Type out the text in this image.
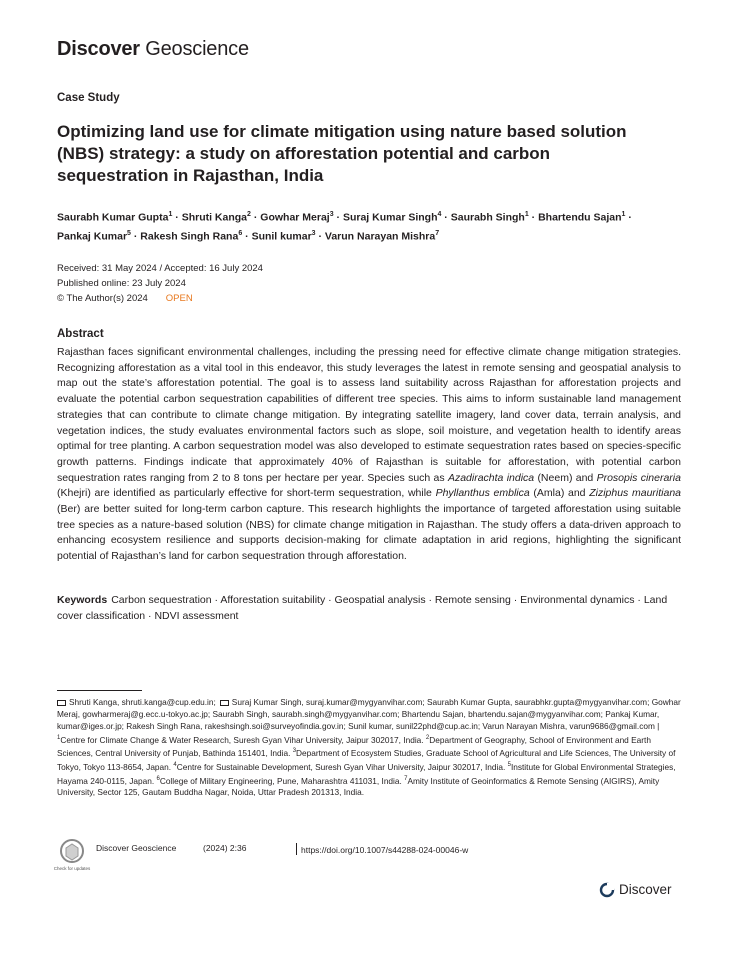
Discover Geoscience
Case Study
Optimizing land use for climate mitigation using nature based solution (NBS) strategy: a study on afforestation potential and carbon sequestration in Rajasthan, India
Saurabh Kumar Gupta$^1$ · Shruti Kanga$^2$ · Gowhar Meraj$^3$ · Suraj Kumar Singh$^4$ · Saurabh Singh$^1$ · Bhartendu Sajan$^1$ ·
Pankaj Kumar$^5$ · Rakesh Singh Rana$^6$ · Sunil kumar$^3$ · Varun Narayan Mishra$^7$
Received: 31 May 2024 / Accepted: 16 July 2024
Published online: 23 July 2024
© The Author(s) 2024 OPEN
Abstract
Rajasthan faces significant environmental challenges, including the pressing need for effective climate change mitigation strategies. Recognizing afforestation as a vital tool in this endeavor, this study leverages the latest in remote sensing and geospatial analysis to map out the state’s afforestation potential. The goal is to assess land suitability across Rajasthan for afforestation projects and evaluate the potential carbon sequestration capabilities of different tree species. This aims to inform sustainable land management strategies that can contribute to climate change mitigation. By integrating satellite imagery, land cover data, terrain analysis, and vegetation indices, the study evaluates environmental factors such as slope, soil moisture, and vegetation health to identify areas optimal for tree planting. A carbon sequestration model was also developed to estimate sequestration rates based on species-specific growth patterns. Findings indicate that approximately 40% of Rajasthan is suitable for afforestation, with potential carbon sequestration rates ranging from 2 to 8 tons per hectare per year. Species such as Azadirachta indica (Neem) and Prosopis cineraria (Khejri) are identified as particularly effective for short-term sequestration, while Phyllanthus emblica (Amla) and Ziziphus mauritiana (Ber) are better suited for long-term carbon capture. This research highlights the importance of targeted afforestation using suitable tree species as a nature-based solution (NBS) for climate change mitigation in Rajasthan. The study offers a data-driven approach to enhancing ecosystem resilience and supports decision-making for climate adaptation in arid regions, highlighting the significant potential of Rajasthan’s land for carbon sequestration through afforestation.
Keywords Carbon sequestration · Afforestation suitability · Geospatial analysis · Remote sensing · Environmental dynamics · Land cover classification · NDVI assessment
Shruti Kanga, shruti.kanga@cup.edu.in; Suraj Kumar Singh, suraj.kumar@mygyanvihar.com; Saurabh Kumar Gupta, saurabhkr.gupta@mygyanvihar.com; Gowhar Meraj, gowharmeraj@g.ecc.u-tokyo.ac.jp; Saurabh Singh, saurabh.singh@mygyanvihar.com; Bhartendu Sajan, bhartendu.sajan@mygyanvihar.com; Pankaj Kumar, kumar@iges.or.jp; Rakesh Singh Rana, rakeshsingh.soi@surveyofindia.gov.in; Sunil kumar, sunil22phd@cup.ac.in; Varun Narayan Mishra, varun9686@gmail.com | $^1$Centre for Climate Change & Water Research, Suresh Gyan Vihar University, Jaipur 302017, India. $^2$Department of Geography, School of Environment and Earth Sciences, Central University of Punjab, Bathinda 151401, India. $^3$Department of Ecosystem Studies, Graduate School of Agricultural and Life Sciences, The University of Tokyo, Tokyo 113-8654, Japan. $^4$Centre for Sustainable Development, Suresh Gyan Vihar University, Jaipur 302017, India. $^5$Institute for Global Environmental Strategies, Hayama 240-0115, Japan. $^6$College of Military Engineering, Pune, Maharashtra 411031, India. $^7$Amity Institute of Geoinformatics & Remote Sensing (AIGIRS), Amity University, Sector 125, Gautam Buddha Nagar, Noida, Uttar Pradesh 201313, India.
Check for updates
Discover Geoscience	(2024) 2:36	https://doi.org/10.1007/s44288-024-00046-w
Discover
